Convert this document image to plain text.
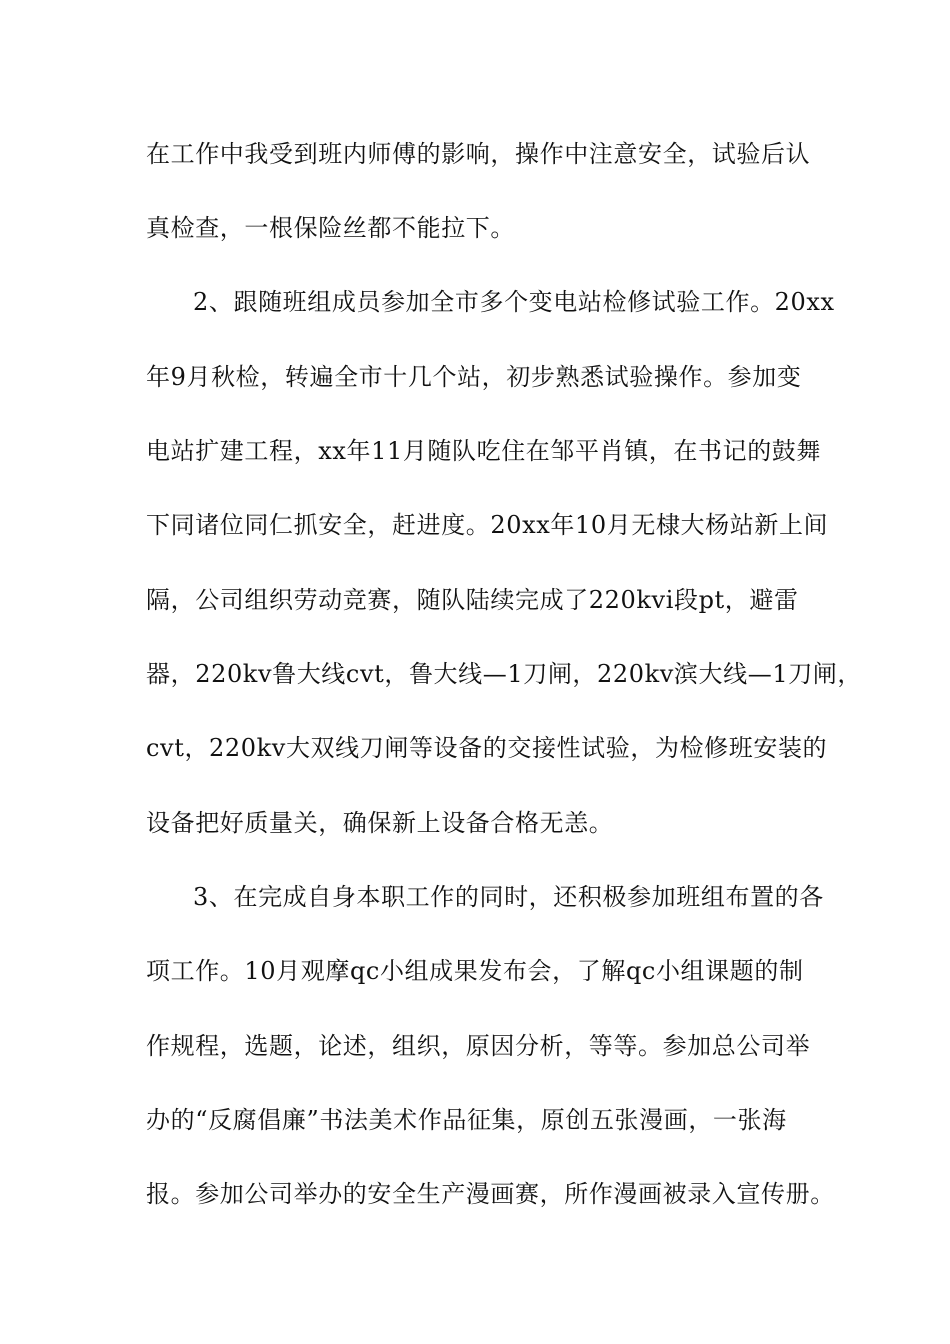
在工作中我受到班内师傅的影响，操作中注意安全，试验后认
真检查，一根保险丝都不能拉下。
2、跟随班组成员参加全市多个变电站检修试验工作。20xx
年9月秋检，转遍全市十几个站，初步熟悉试验操作。参加变
电站扩建工程，xx年11月随队吃住在邹平肖镇，在书记的鼓舞
下同诸位同仁抓安全，赶进度。20xx年10月无棣大杨站新上间
隔，公司组织劳动竞赛，随队陆续完成了220kvⅰ段pt，避雷
器，220kv鲁大线cvt，鲁大线—1刀闸，220kv滨大线—1刀闸，
cvt，220kv大双线刀闸等设备的交接性试验，为检修班安装的
设备把好质量关，确保新上设备合格无恙。
3、在完成自身本职工作的同时，还积极参加班组布置的各
项工作。10月观摩qc小组成果发布会，了解qc小组课题的制
作规程，选题，论述，组织，原因分析，等等。参加总公司举
办的“反腐倡廉”书法美术作品征集，原创五张漫画，一张海
报。参加公司举办的安全生产漫画赛，所作漫画被录入宣传册。
